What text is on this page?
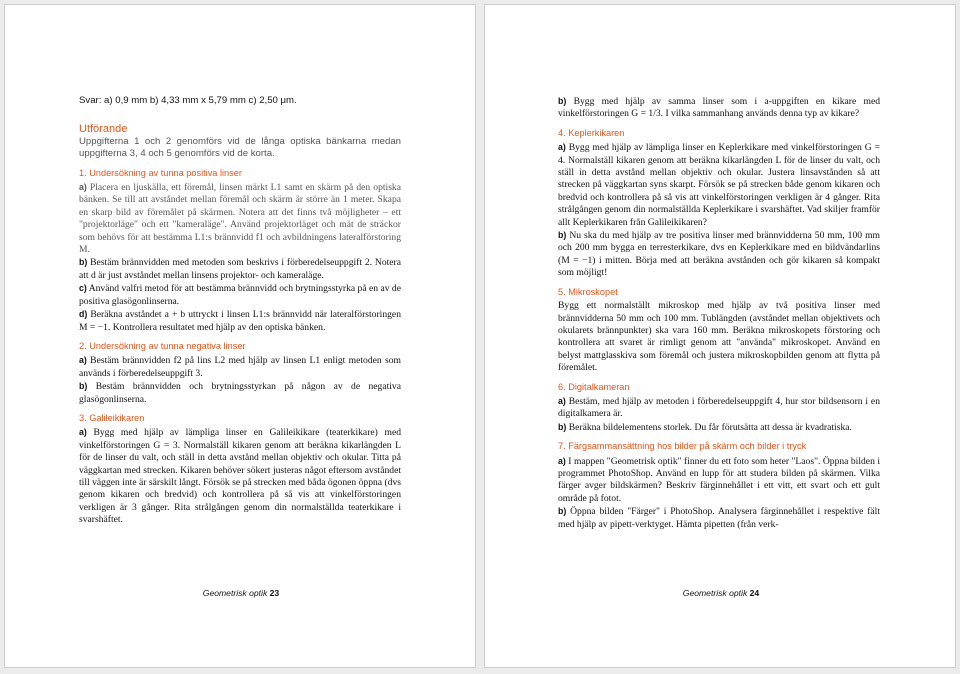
Svar: a) 0,9 mm b) 4,33 mm x 5,79 mm c) 2,50 μm.

Utförande

Uppgifterna 1 och 2 genomförs vid de långa optiska bänkarna medan uppgifterna 3, 4 och 5 genomförs vid de korta.

1. Undersökning av tunna positiva linser

a) Placera en ljuskälla, ett föremål, linsen märkt L1 samt en skärm på den optiska bänken. Se till att avståndet mellan föremål och skärm är större än 1 meter. Skapa en skarp bild av föremålet på skärmen. Notera att det finns två möjligheter – ett "projektorläge" och ett "kameraläge". Använd projektorläget och mät de sträckor som behövs för att bestämma L1:s brännvidd f1 och avbildningens lateralförstoring M.

b) Bestäm brännvidden med metoden som beskrivs i förberedelseuppgift 2. Notera att d är just avståndet mellan linsens projektor- och kameraläge.

c) Använd valfri metod för att bestämma brännvidd och brytningsstyrka på en av de positiva glasögonlinserna.

d) Beräkna avståndet a + b uttryckt i linsen L1:s brännvidd när lateralförstoringen M = −1. Kontrollera resultatet med hjälp av den optiska bänken.

2. Undersökning av tunna negativa linser

a) Bestäm brännvidden f2 på lins L2 med hjälp av linsen L1 enligt metoden som används i förberedelseuppgift 3.

b) Bestäm brännvidden och brytningsstyrkan på någon av de negativa glasögonlinserna.

3. Galileikikaren

a) Bygg med hjälp av lämpliga linser en Galileikikare (teaterkikare) med vinkelförstoringen G = 3. Normalställ kikaren genom att beräkna kikarlängden L för de linser du valt, och ställ in detta avstånd mellan objektiv och okular. Titta på väggkartan med strecken. Kikaren behöver sökert justeras något eftersom avståndet till väggen inte är särskilt långt. Försök se på strecken med båda ögonen öppna (dvs genom kikaren och bredvid) och kontrollera på så vis att vinkelförstoringen verkligen är 3 gånger. Rita strålgången genom din normalställda teaterkikare i svarshäftet.

Geometrisk optik 23

b) Bygg med hjälp av samma linser som i a-uppgiften en kikare med vinkelförstoringen G = 1/3. I vilka sammanhang används denna typ av kikare?

4. Keplerkikaren

a) Bygg med hjälp av lämpliga linser en Keplerkikare med vinkelförstoringen G = 4. Normalställ kikaren genom att beräkna kikarlängden L för de linser du valt, och ställ in detta avstånd mellan objektiv och okular. Justera linsavstånden så att strecken på väggkartan syns skarpt. Försök se på strecken både genom kikaren och bredvid och kontrollera på så vis att vinkelförstoringen verkligen är 4 gånger. Rita strålgången genom din normalställda Keplerkikare i svarshäftet. Vad skiljer framför allt Keplerkikaren från Galileikikaren?

b) Nu ska du med hjälp av tre positiva linser med brännvidderna 50 mm, 100 mm och 200 mm bygga en terresterkikare, dvs en Keplerkikare med en bildvändarlins (M = −1) i mitten. Börja med att beräkna avstånden och gör kikaren så kompakt som möjligt!

5. Mikroskopet

Bygg ett normalställt mikroskop med hjälp av två positiva linser med brännvidderna 50 mm och 100 mm. Tublängden (avståndet mellan objektivets och okularets brännpunkter) ska vara 160 mm. Beräkna mikroskopets förstoring och kontrollera att svaret är rimligt genom att "använda" mikroskopet. Använd en belyst mattglasskiva som föremål och justera mikroskopbilden genom att flytta på föremålet.

6. Digitalkameran

a) Bestäm, med hjälp av metoden i förberedelseuppgift 4, hur stor bildsensorn i en digitalkamera är.

b) Beräkna bildelementens storlek. Du får förutsätta att dessa är kvadratiska.

7. Färgsammansättning hos bilder på skärm och bilder i tryck

a) I mappen "Geometrisk optik" finner du ett foto som heter "Laos". Öppna bilden i programmet PhotoShop. Använd en lupp för att studera bilden på skärmen. Vilka färger avger bildskärmen? Beskriv färginnehållet i ett vitt, ett svart och ett gult område på fotot.

b) Öppna bilden "Färger" i PhotoShop. Analysera färginnehållet i respektive fält med hjälp av pipett-verktyget. Hämta pipetten (från verk-

Geometrisk optik 24
